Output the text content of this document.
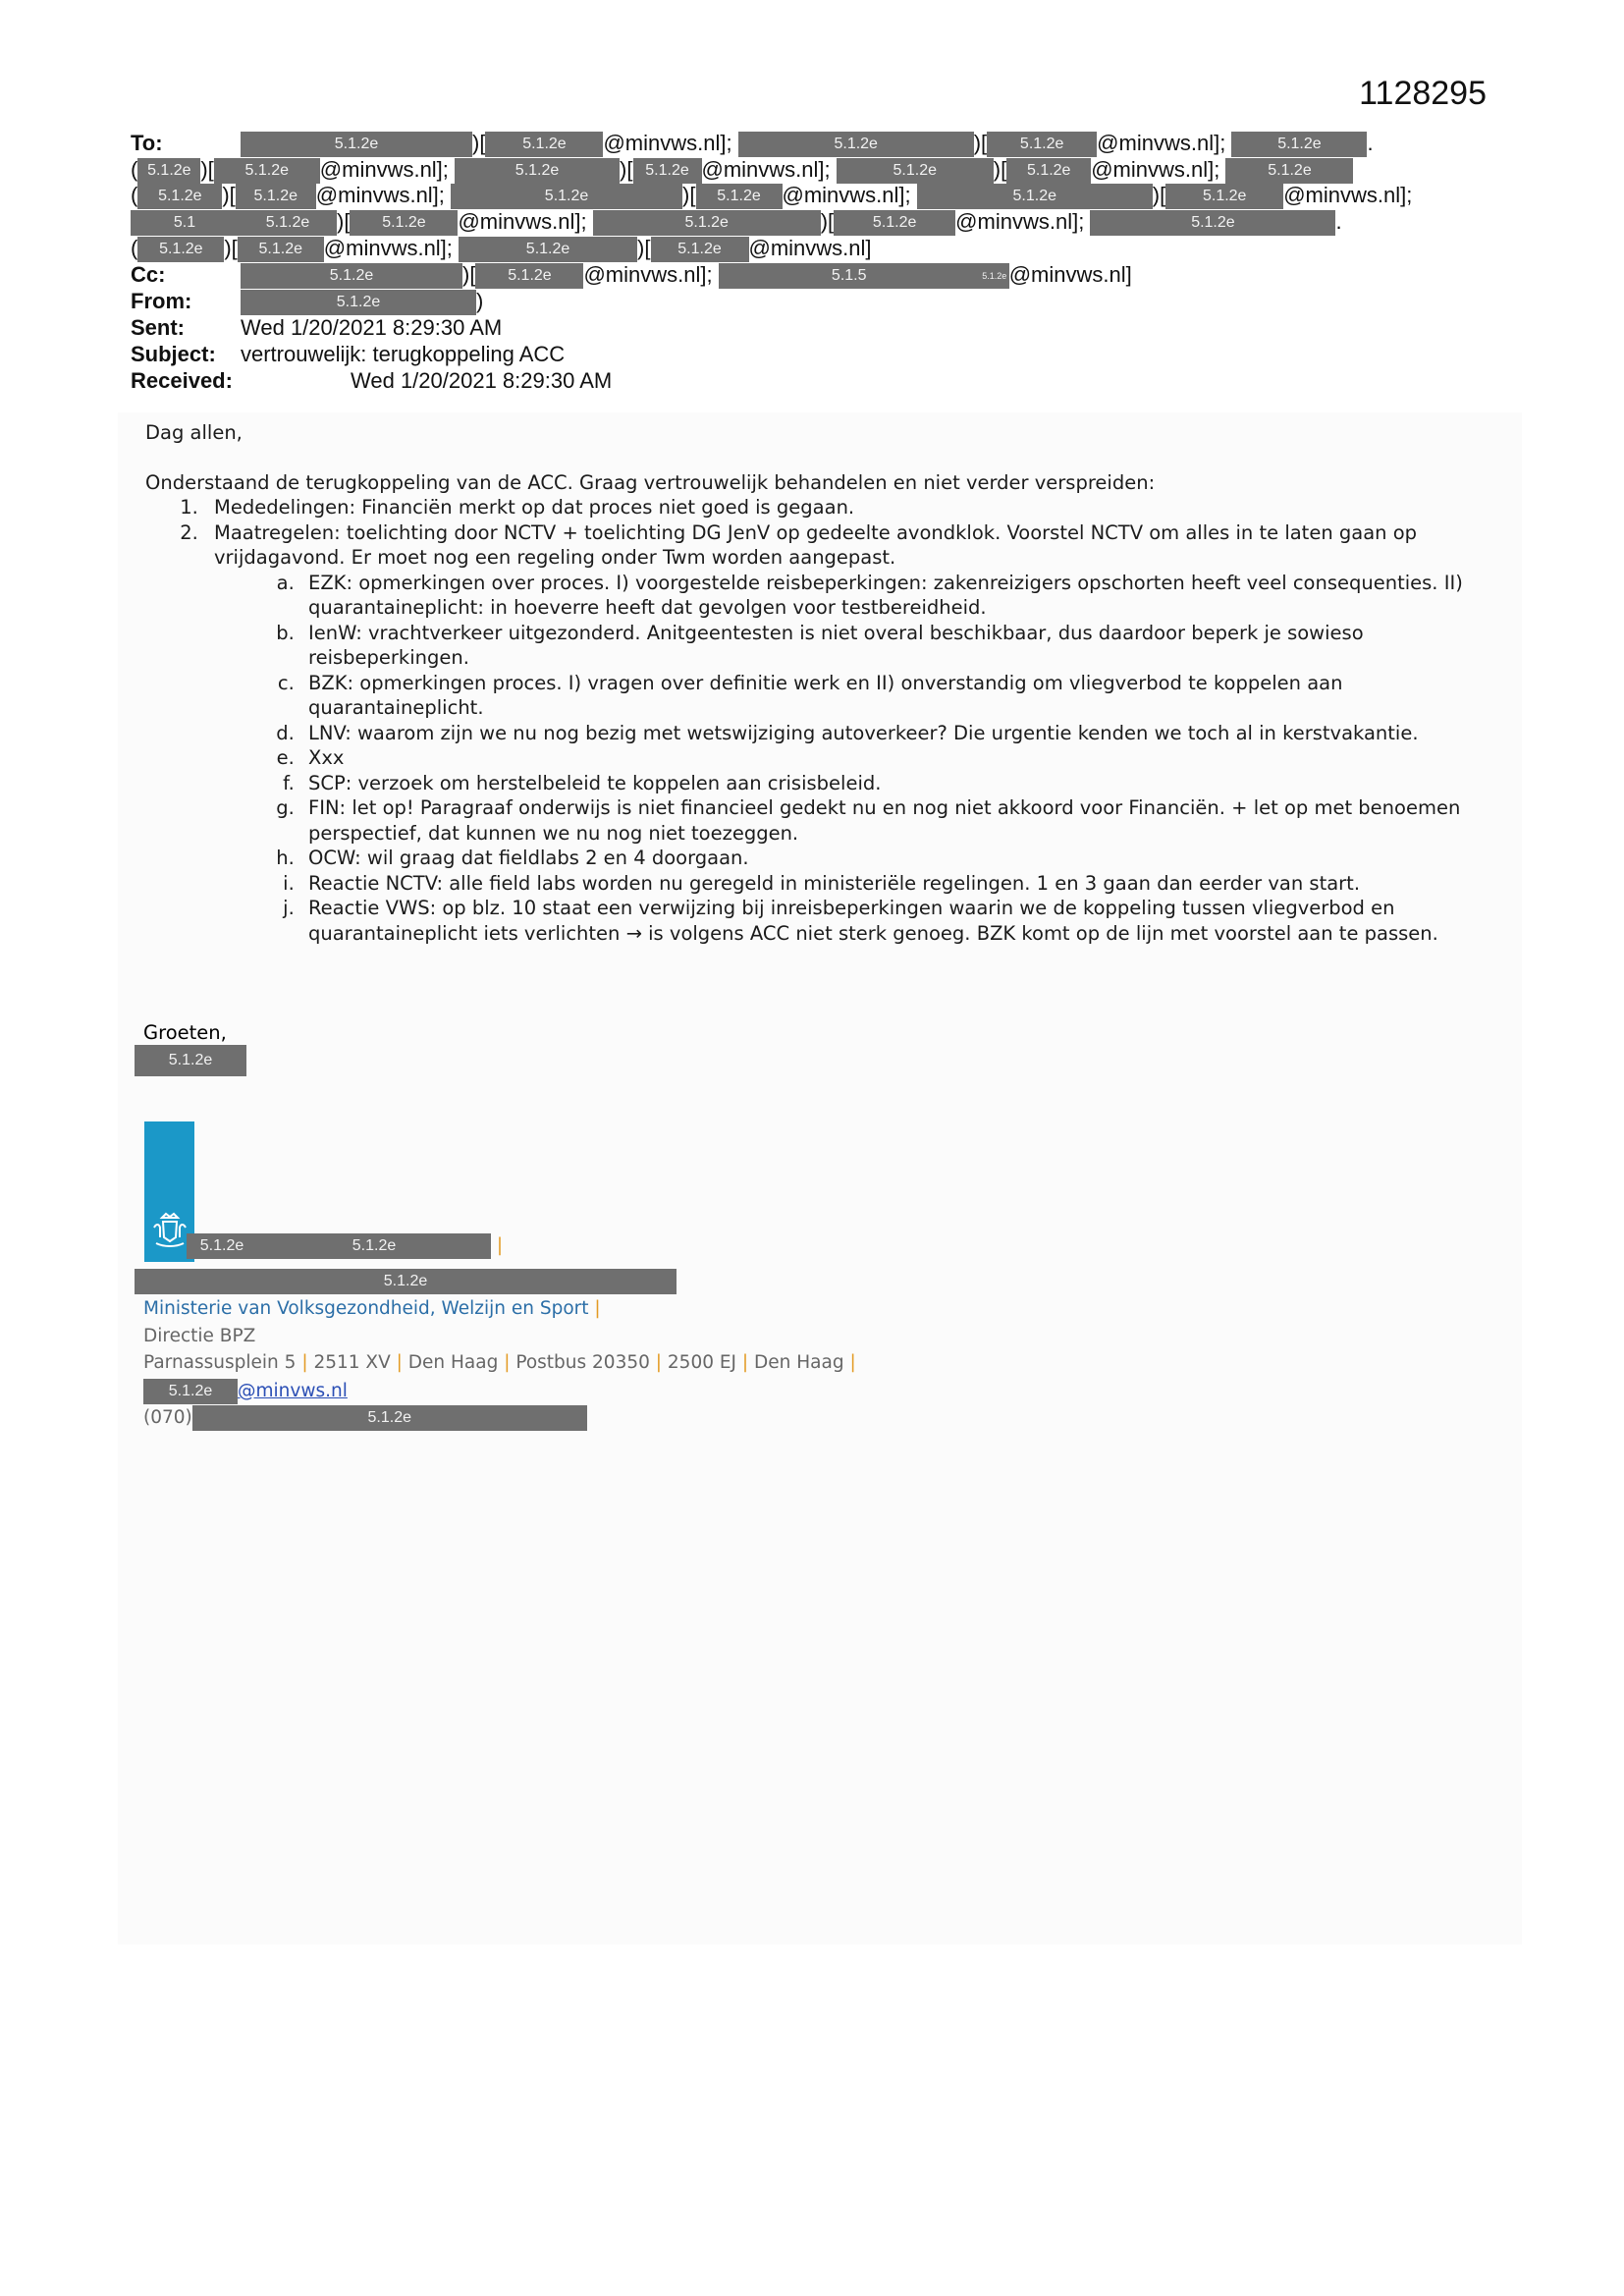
1128295
To:	5.1.2e	)[ 5.1.2e @minvws.nl];	5.1.2e	)[ 5.1.2e @minvws.nl];	5.1.2e .
( 5.1.2e )[ 5.1.2e @minvws.nl];	5.1.2e	)[ 5.1.2e @minvws.nl];	5.1.2e	)[ 5.1.2e @minvws.nl];	5.1.2e
( 5.1.2e )[ 5.1.2e @minvws.nl];	5.1.2e	)[ 5.1.2e @minvws.nl];	5.1.2e	)[ 5.1.2e @minvws.nl];
5.1	5.1.2e )[ 5.1.2e @minvws.nl];	5.1.2e	)[ 5.1.2e @minvws.nl];	5.1.2e	.
( 5.1.2e )[ 5.1.2e @minvws.nl];	5.1.2e	)[ 5.1.2e @minvws.nl]
Cc:	5.1.2e	)[ 5.1.2e @minvws.nl];	5.1.5	5.1.2e @minvws.nl]
From:	5.1.2e	)
Sent:	Wed 1/20/2021 8:29:30 AM
Subject: vertrouwelijk: terugkoppeling ACC
Received:	Wed 1/20/2021 8:29:30 AM

Dag allen,

Onderstaand de terugkoppeling van de ACC. Graag vertrouwelijk behandelen en niet verder verspreiden:

1. Mededelingen: Financiën merkt op dat proces niet goed is gegaan.
2. Maatregelen: toelichting door NCTV + toelichting DG JenV op gedeelte avondklok. Voorstel NCTV om alles in te laten gaan op vrijdagavond. Er moet nog een regeling onder Twm worden aangepast.
a. EZK: opmerkingen over proces. I) voorgestelde reisbeperkingen: zakenreizigers opschorten heeft veel consequenties. II) quarantaineplicht: in hoeverre heeft dat gevolgen voor testbereidheid.
b. IenW: vrachtverkeer uitgezonderd. Anitgeentesten is niet overal beschikbaar, dus daardoor beperk je sowieso reisbeperkingen.
c. BZK: opmerkingen proces. I) vragen over definitie werk en II) onverstandig om vliegverbod te koppelen aan quarantaineplicht.
d. LNV: waarom zijn we nu nog bezig met wetswijziging autoverkeer? Die urgentie kenden we toch al in kerstvakantie.
e. Xxx
f. SCP: verzoek om herstelbeleid te koppelen aan crisisbeleid.
g. FIN: let op! Paragraaf onderwijs is niet financieel gedekt nu en nog niet akkoord voor Financiën. + let op met benoemen perspectief, dat kunnen we nu nog niet toezeggen.
h. OCW: wil graag dat fieldlabs 2 en 4 doorgaan.
i. Reactie NCTV: alle field labs worden nu geregeld in ministeriële regelingen. 1 en 3 gaan dan eerder van start.
j. Reactie VWS: op blz. 10 staat een verwijzing bij inreisbeperkingen waarin we de koppeling tussen vliegverbod en quarantaineplicht iets verlichten → is volgens ACC niet sterk genoeg. BZK komt op de lijn met voorstel aan te passen.
Groeten,
5.1.2e
5.1.2e	5.1.2e	|
5.1.2e
Ministerie van Volksgezondheid, Welzijn en Sport |
Directie BPZ
Parnassusplein 5 | 2511 XV | Den Haag | Postbus 20350 | 2500 EJ | Den Haag |
5.1.2e @minvws.nl
(070)	5.1.2e
